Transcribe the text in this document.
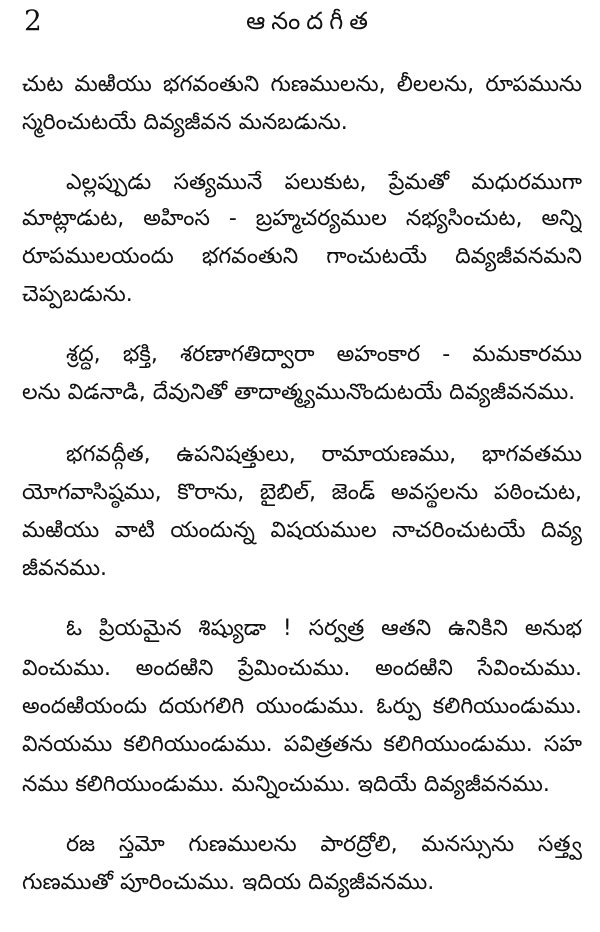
2	ఆనందగీత
చుట మఱియు భగవంతుని గుణములను, లీలలను, రూపమును
స్మరించుటయే దివ్యజీవన మనబడును.
ఎల్లప్పుడు సత్యమునే పలుకుట, ప్రేమతో మధురముగా
మాట్లాడుట, అహింస - బ్రహ్మచర్యముల నభ్యసించుట, అన్ని
రూపములయందు భగవంతుని గాంచుటయే దివ్యజీవనమని
చెప్పబడును.
శ్రద్ధ, భక్తి, శరణాగతిద్వారా అహంకార - మమకారము
లను విడనాడి, దేవునితో తాదాత్మ్యమునొందుటయే దివ్యజీవనము.
భగవద్గీత, ఉపనిషత్తులు, రామాయణము, భాగవతము
యోగవాసిష్ఠము, కొరాను, బైబిల్, జెండ్ అవస్థలను పఠించుట,
మఱియు వాటి యందున్న విషయముల నాచరించుటయే దివ్య
జీవనము.
ఓ ప్రియమైన శిష్యుడా ! సర్వత్ర ఆతని ఉనికిని అనుభ
వించుము. అందఱిని ప్రేమించుము. అందఱిని సేవించుము.
అందఱియందు దయగలిగి యుండుము. ఓర్పు కలిగియుండుము.
వినయము కలిగియుండుము. పవిత్రతను కలిగియుండుము. సహ
నము కలిగియుండుము. మన్నించుము. ఇదియే దివ్యజీవనము.
రజ స్తమో గుణములను పారద్రోలి, మనస్సును సత్త్వ
గుణముతో పూరించుము. ఇదియ దివ్యజీవనము.
